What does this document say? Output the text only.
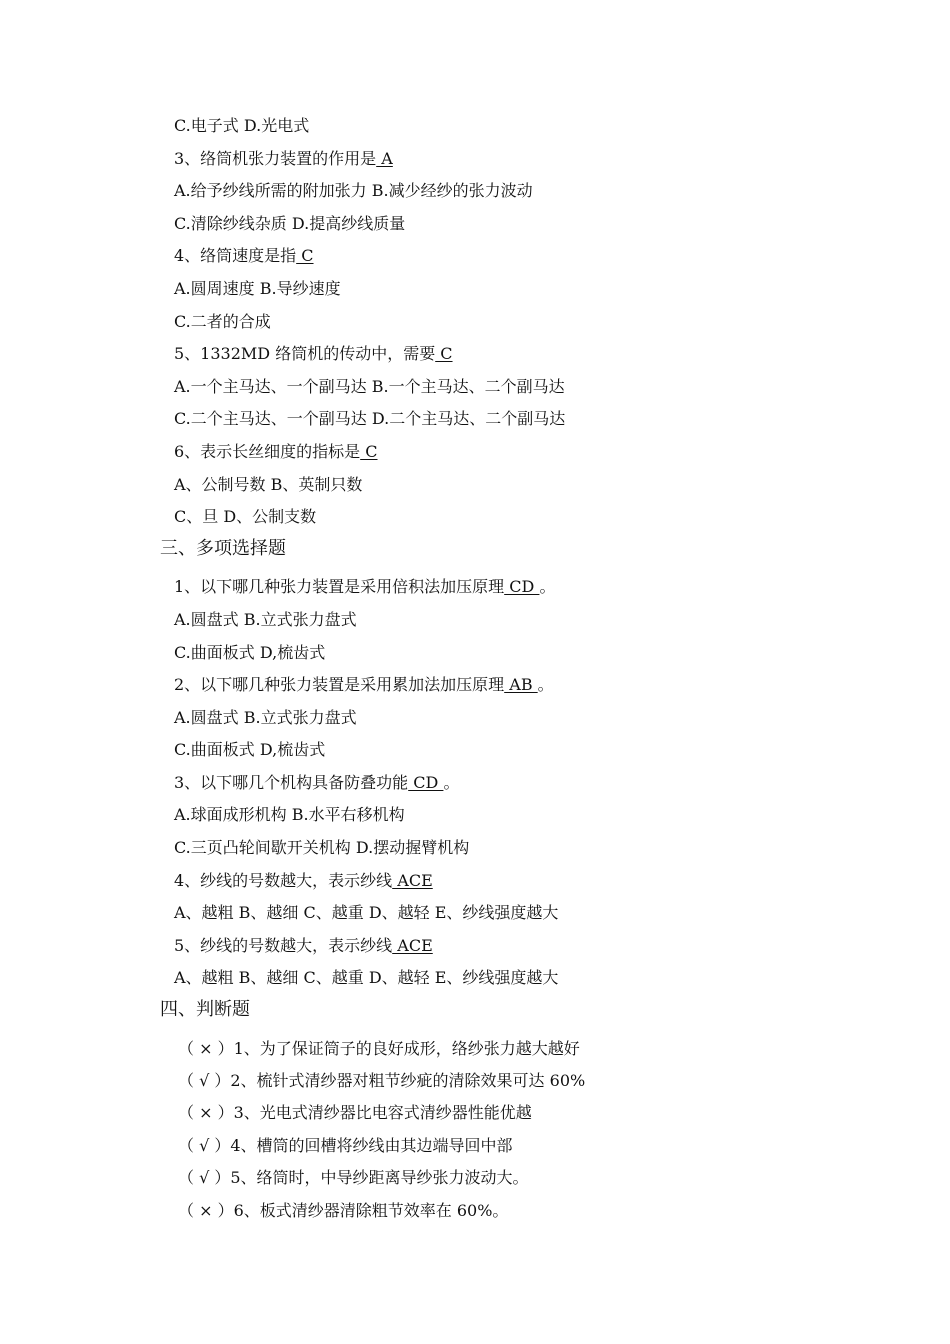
C.电子式 D.光电式
3、络筒机张力装置的作用是 A
A.给予纱线所需的附加张力 B.减少经纱的张力波动
C.清除纱线杂质 D.提高纱线质量
4、络筒速度是指 C
A.圆周速度 B.导纱速度
C.二者的合成
5、1332MD 络筒机的传动中，需要 C
A.一个主马达、一个副马达 B.一个主马达、二个副马达
C.二个主马达、一个副马达 D.二个主马达、二个副马达
6、表示长丝细度的指标是 C
A、公制号数 B、英制只数
C、旦 D、公制支数
三、多项选择题
1、以下哪几种张力装置是采用倍积法加压原理 CD 。
A.圆盘式 B.立式张力盘式
C.曲面板式 D,梳齿式
2、以下哪几种张力装置是采用累加法加压原理 AB 。
A.圆盘式 B.立式张力盘式
C.曲面板式 D,梳齿式
3、以下哪几个机构具备防叠功能 CD 。
A.球面成形机构 B.水平右移机构
C.三页凸轮间歇开关机构 D.摆动握臂机构
4、纱线的号数越大，表示纱线 ACE
A、越粗 B、越细 C、越重 D、越轻 E、纱线强度越大
5、纱线的号数越大，表示纱线 ACE
A、越粗 B、越细 C、越重 D、越轻 E、纱线强度越大
四、判断题
（ × ）1、为了保证筒子的良好成形，络纱张力越大越好
（ √ ）2、梳针式清纱器对粗节纱疵的清除效果可达 60%
（ × ）3、光电式清纱器比电容式清纱器性能优越
（ √ ）4、槽筒的回槽将纱线由其边端导回中部
（ √ ）5、络筒时，中导纱距离导纱张力波动大。
（ × ）6、板式清纱器清除粗节效率在 60%。
